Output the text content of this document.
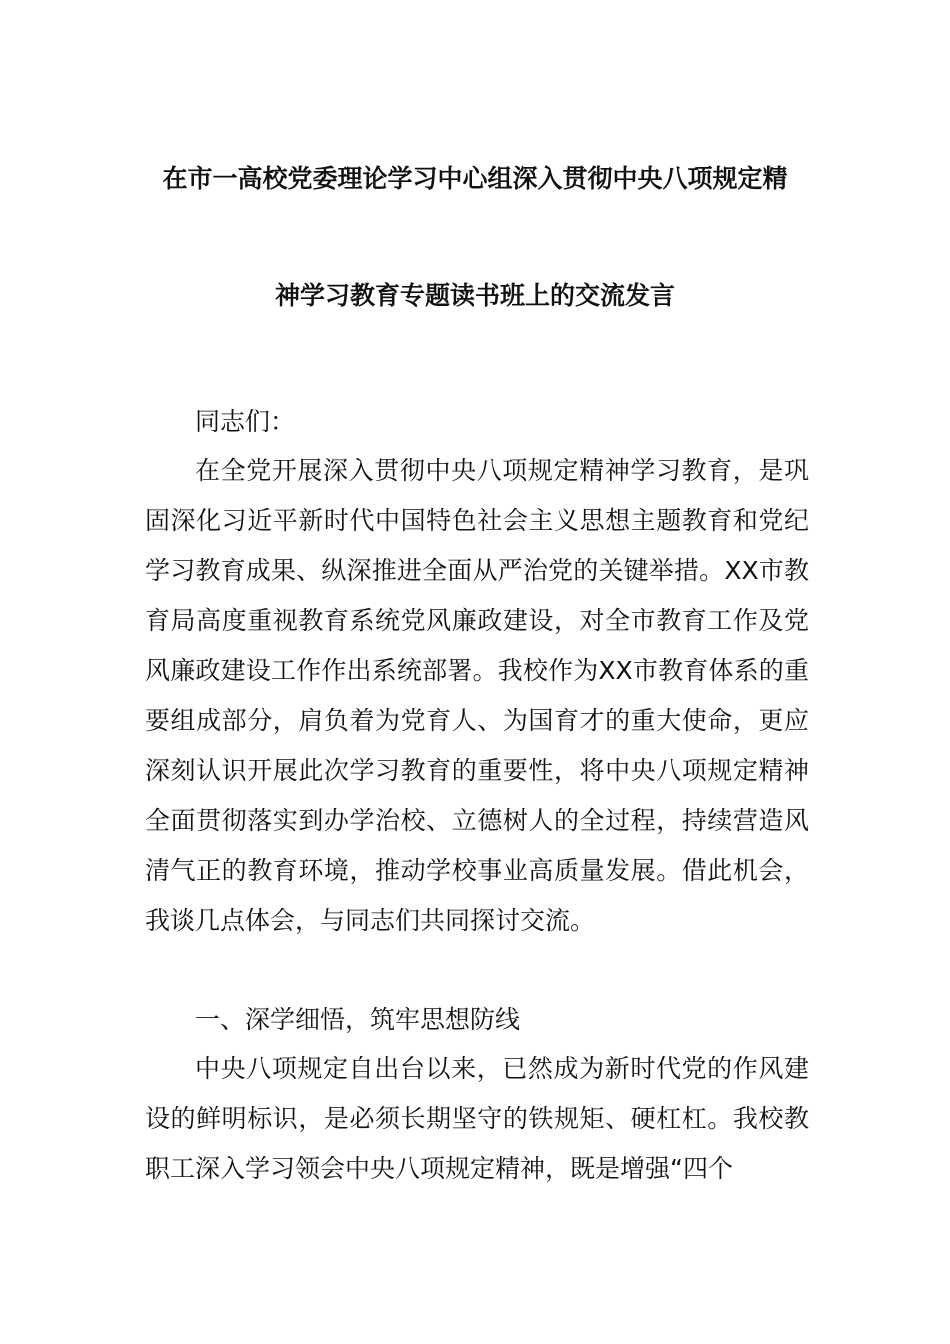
在市一高校党委理论学习中心组深入贯彻中央八项规定精
神学习教育专题读书班上的交流发言

同志们：

在全党开展深入贯彻中央八项规定精神学习教育，是巩固深化习近平新时代中国特色社会主义思想主题教育和党纪学习教育成果、纵深推进全面从严治党的关键举措。XX市教育局高度重视教育系统党风廉政建设，对全市教育工作及党风廉政建设工作作出系统部署。我校作为XX市教育体系的重要组成部分，肩负着为党育人、为国育才的重大使命，更应深刻认识开展此次学习教育的重要性，将中央八项规定精神全面贯彻落实到办学治校、立德树人的全过程，持续营造风清气正的教育环境，推动学校事业高质量发展。借此机会，我谈几点体会，与同志们共同探讨交流。

一、深学细悟，筑牢思想防线

中央八项规定自出台以来，已然成为新时代党的作风建设的鲜明标识，是必须长期坚守的铁规矩、硬杠杠。我校教职工深入学习领会中央八项规定精神，既是增强“四个
